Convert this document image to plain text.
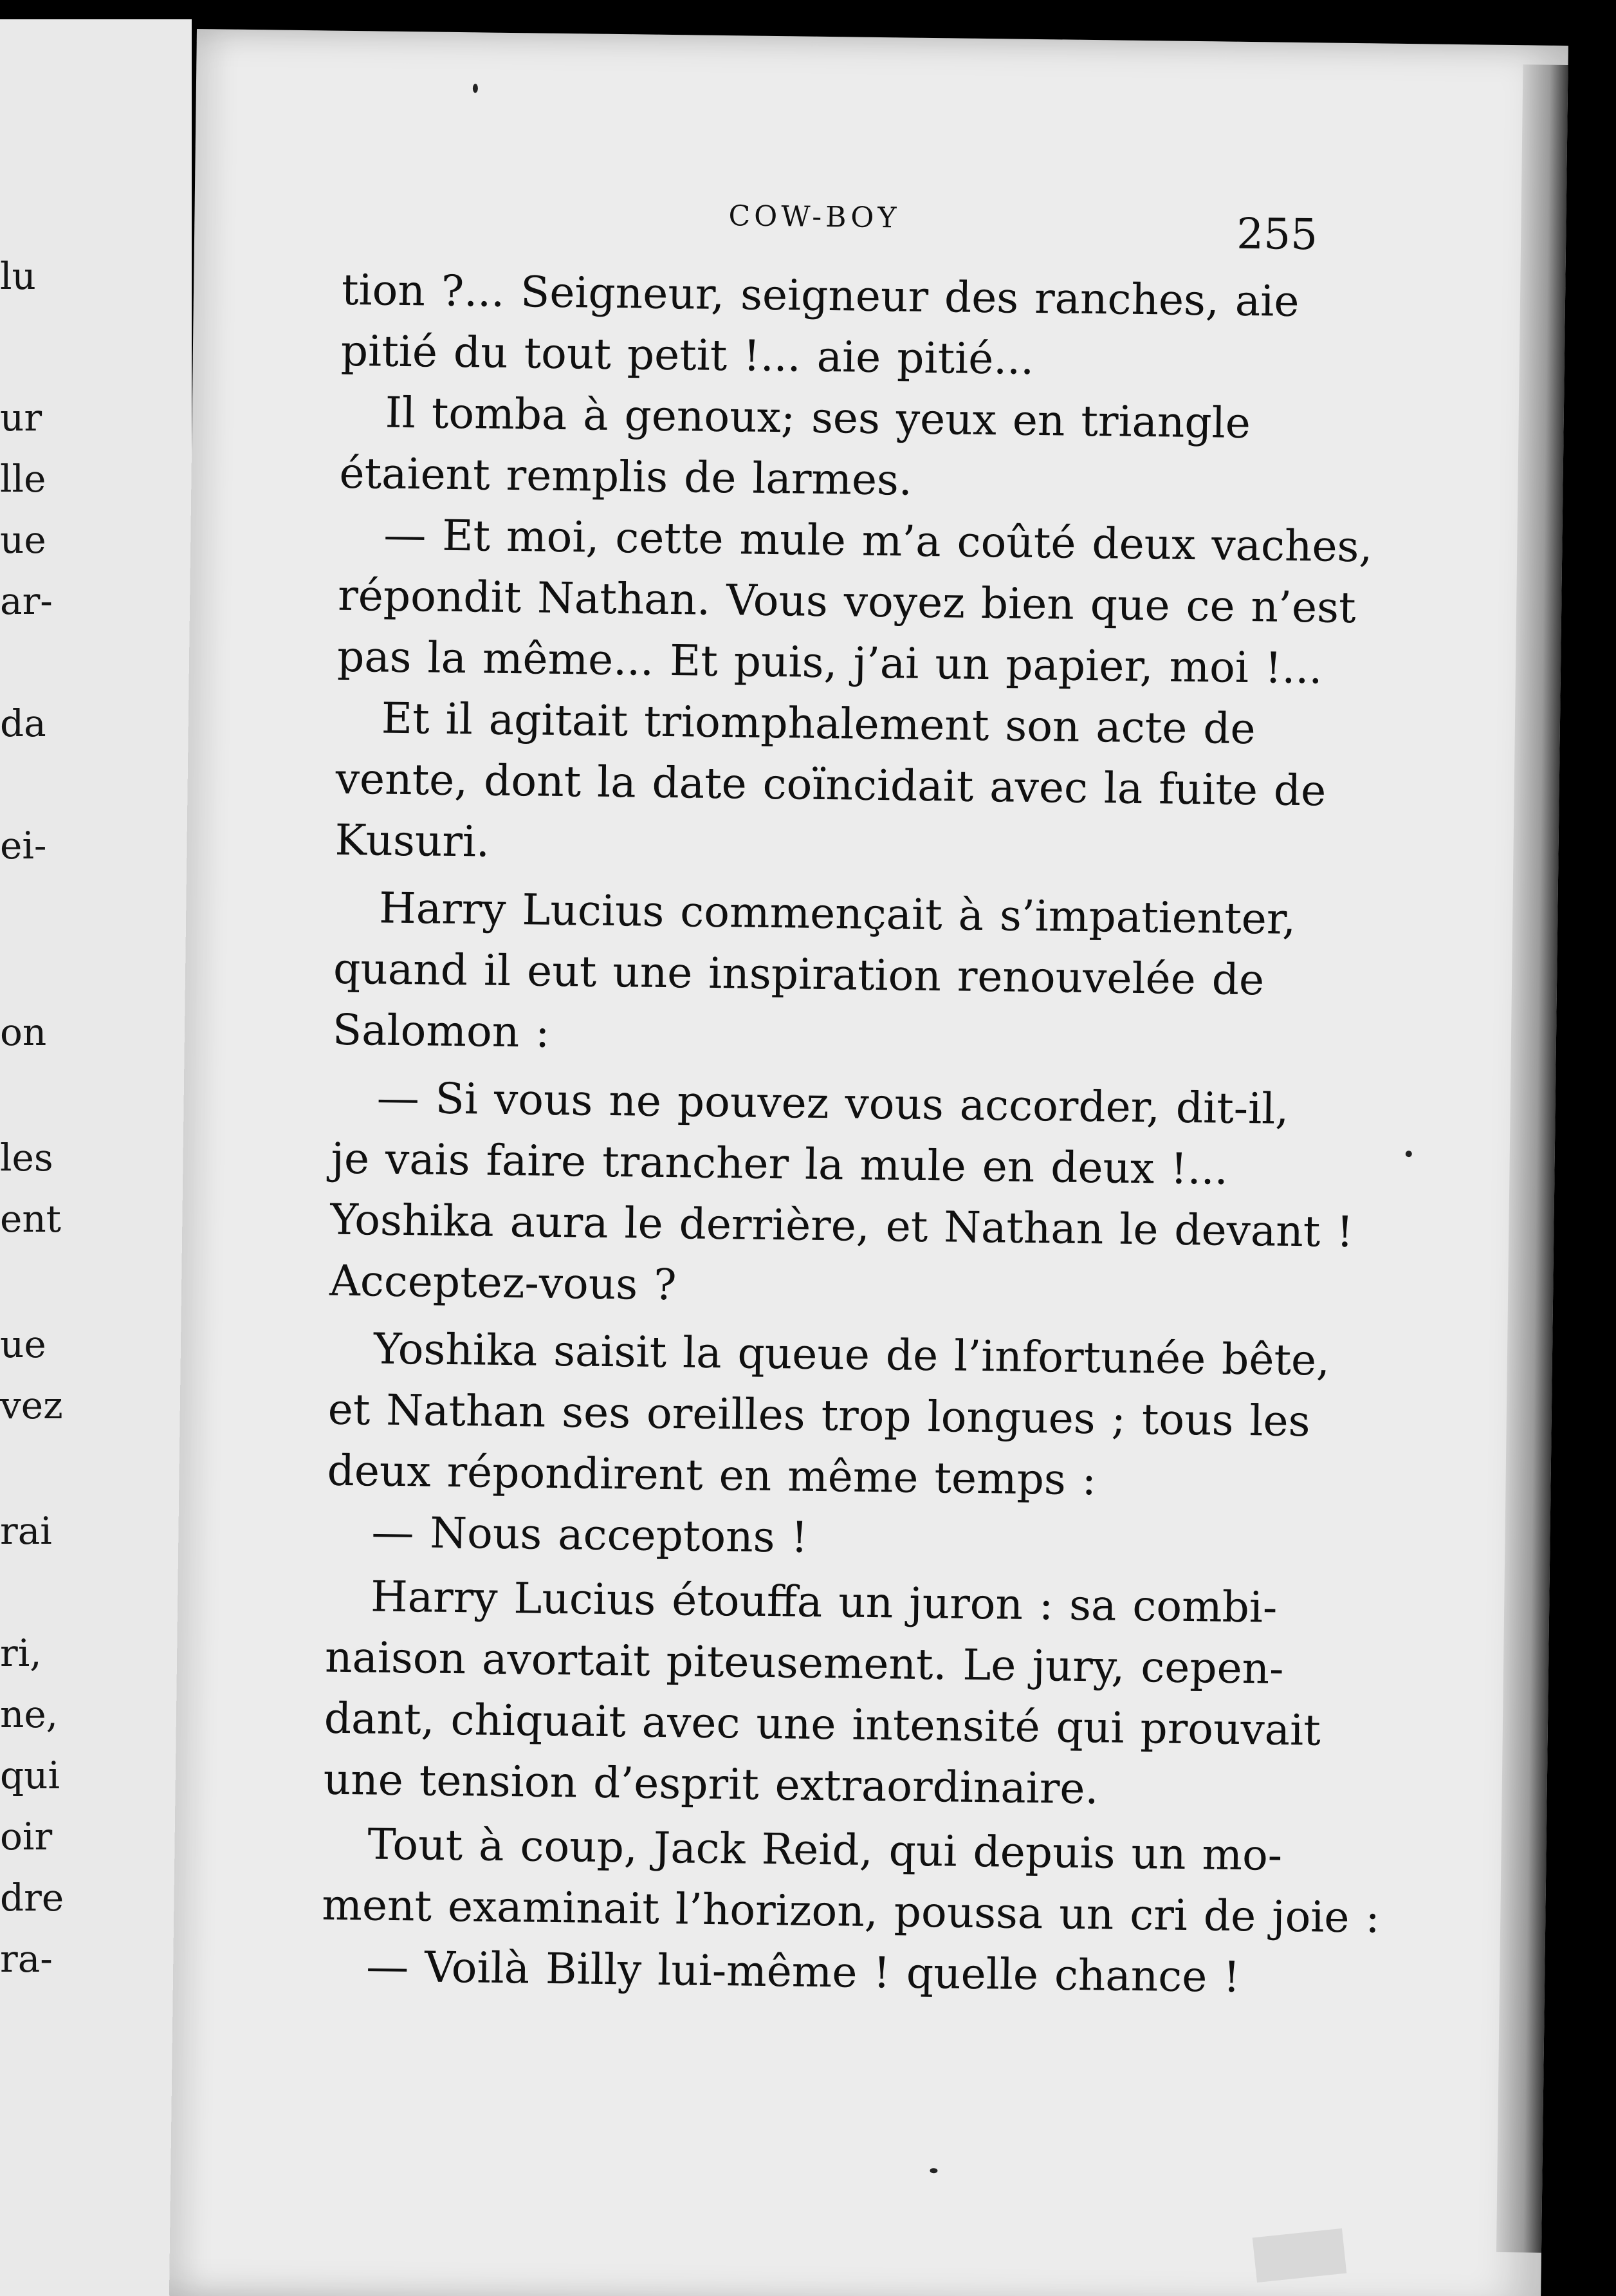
lu
ur
lle
ue
ar-
da
ei-
on
les
ent
ue
vez
rai
ri,
ne,
qui
oir
dre
ra-
COW-BOY	255
tion ?... Seigneur, seigneur des ranches, aie
pitié du tout petit !... aie pitié...
Il tomba à genoux; ses yeux en triangle
étaient remplis de larmes.
— Et moi, cette mule m’a coûté deux vaches,
répondit Nathan. Vous voyez bien que ce n’est
pas la même... Et puis, j’ai un papier, moi !...
Et il agitait triomphalement son acte de
vente, dont la date coïncidait avec la fuite de
Kusuri.
Harry Lucius commençait à s’impatienter,
quand il eut une inspiration renouvelée de
Salomon :
— Si vous ne pouvez vous accorder, dit-il,
je vais faire trancher la mule en deux !...
Yoshika aura le derrière, et Nathan le devant !
Acceptez-vous ?
Yoshika saisit la queue de l’infortunée bête,
et Nathan ses oreilles trop longues ; tous les
deux répondirent en même temps :
— Nous acceptons !
Harry Lucius étouffa un juron : sa combi-
naison avortait piteusement. Le jury, cepen-
dant, chiquait avec une intensité qui prouvait
une tension d’esprit extraordinaire.
Tout à coup, Jack Reid, qui depuis un mo-
ment examinait l’horizon, poussa un cri de joie :
— Voilà Billy lui-même ! quelle chance !
